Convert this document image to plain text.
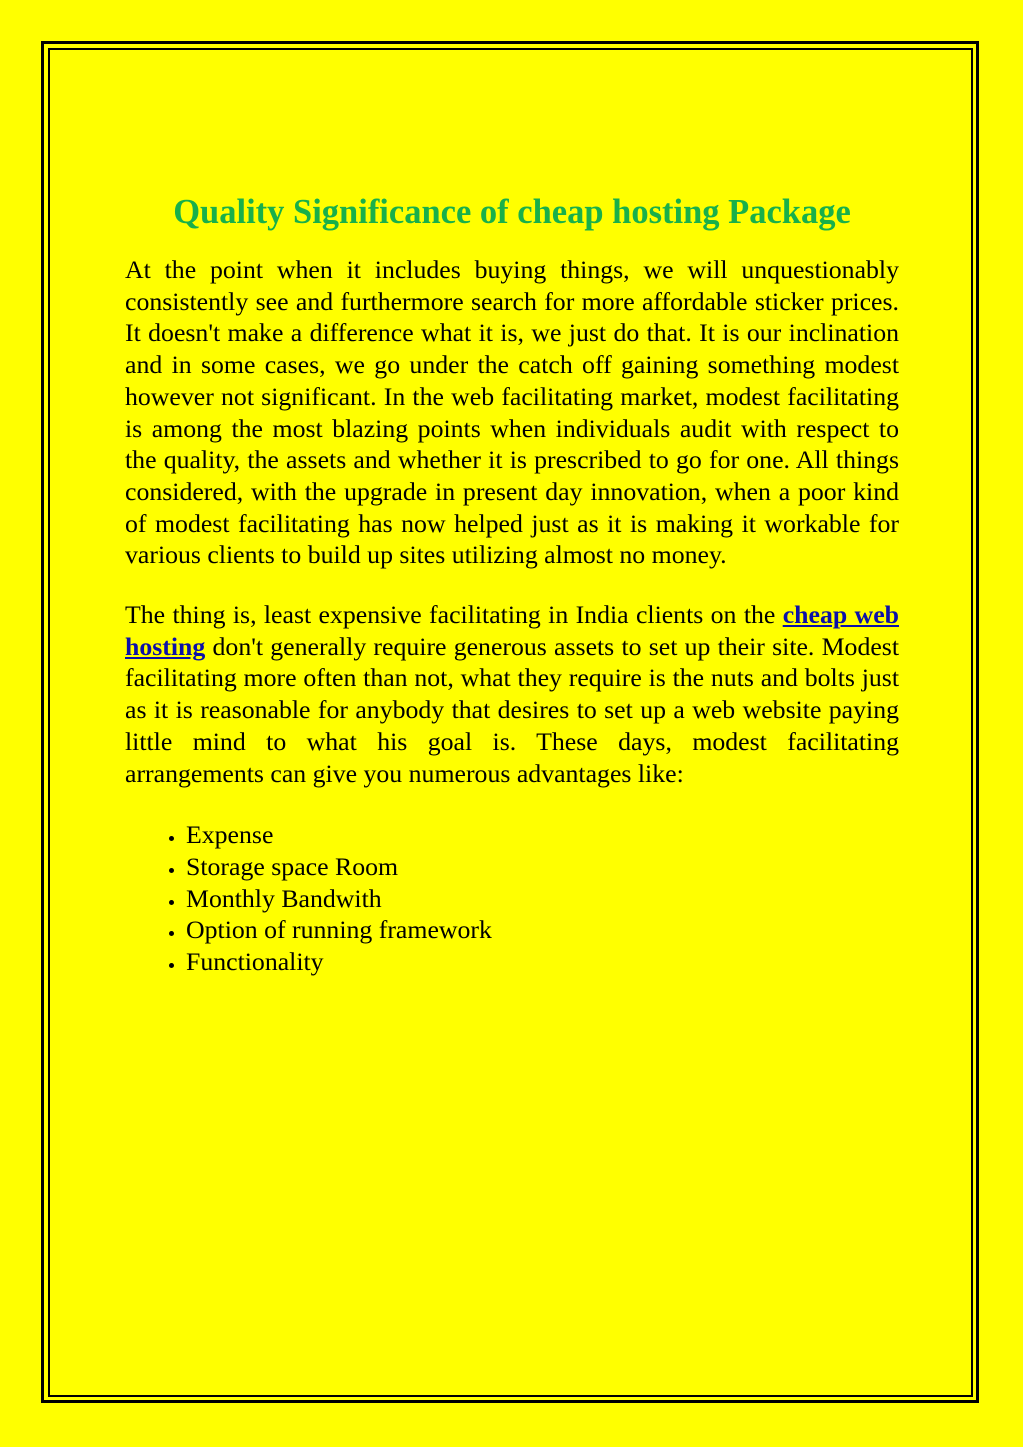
Quality Significance of cheap hosting Package

At the point when it includes buying things, we will unquestionably consistently see and furthermore search for more affordable sticker prices. It doesn't make a difference what it is, we just do that. It is our inclination and in some cases, we go under the catch off gaining something modest however not significant. In the web facilitating market, modest facilitating is among the most blazing points when individuals audit with respect to the quality, the assets and whether it is prescribed to go for one. All things considered, with the upgrade in present day innovation, when a poor kind of modest facilitating has now helped just as it is making it workable for various clients to build up sites utilizing almost no money.

The thing is, least expensive facilitating in India clients on the cheap web hosting don't generally require generous assets to set up their site. Modest facilitating more often than not, what they require is the nuts and bolts just as it is reasonable for anybody that desires to set up a web website paying little mind to what his goal is. These days, modest facilitating arrangements can give you numerous advantages like:

• Expense
• Storage space Room
• Monthly Bandwith
• Option of running framework
• Functionality
